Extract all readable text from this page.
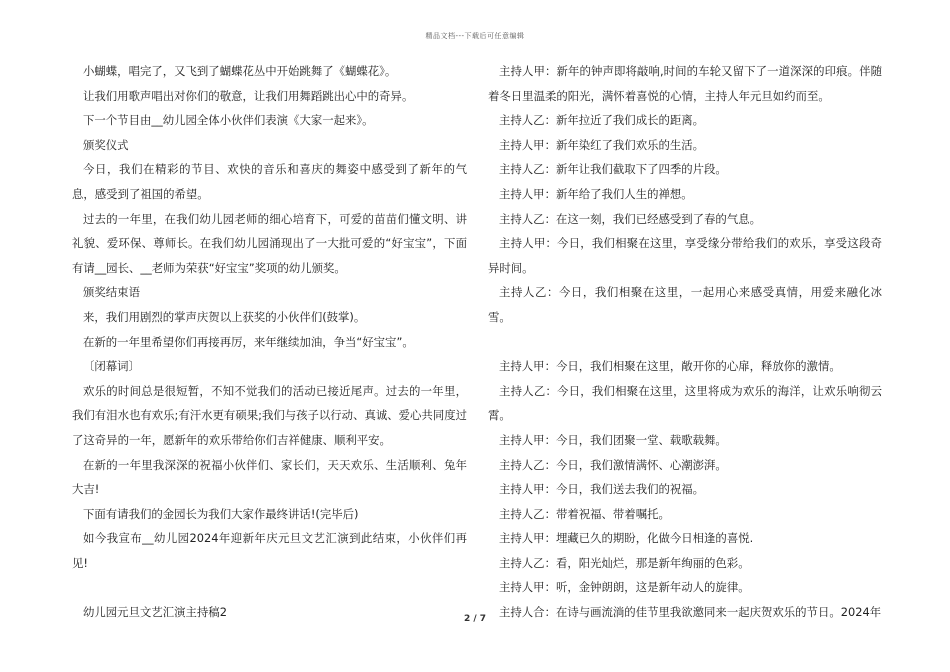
精品文档---下载后可任意编辑

小蝴蝶，唱完了，又飞到了蝴蝶花丛中开始跳舞了《蝴蝶花》。

让我们用歌声唱出对你们的敬意，让我们用舞蹈跳出心中的奇异。

下一个节目由__幼儿园全体小伙伴们表演《大家一起来》。

颁奖仪式

今日，我们在精彩的节目、欢快的音乐和喜庆的舞姿中感受到了新年的气息，感受到了祖国的希望。

过去的一年里，在我们幼儿园老师的细心培育下，可爱的苗苗们懂文明、讲礼貌、爱环保、尊师长。在我们幼儿园涌现出了一大批可爱的“好宝宝”，下面有请__园长、__老师为荣获“好宝宝”奖项的幼儿颁奖。

颁奖结束语

来，我们用剧烈的掌声庆贺以上获奖的小伙伴们(鼓掌)。

在新的一年里希望你们再接再厉，来年继续加油，争当“好宝宝”。

〔闭幕词〕

欢乐的时间总是很短暂，不知不觉我们的活动已接近尾声。过去的一年里，我们有泪水也有欢乐;有汗水更有硕果;我们与孩子以行动、真诚、爱心共同度过了这奇异的一年，愿新年的欢乐带给你们吉祥健康、顺利平安。

在新的一年里我深深的祝福小伙伴们、家长们，天天欢乐、生活顺利、兔年大吉!

下面有请我们的金园长为我们大家作最终讲话!(完毕后)

如今我宣布__幼儿园2024年迎新年庆元旦文艺汇演到此结束，小伙伴们再见!

幼儿园元旦文艺汇演主持稿2

主持人甲：新年的钟声即将敲响,时间的车轮又留下了一道深深的印痕。伴随着冬日里温柔的阳光，满怀着喜悦的心情，主持人年元旦如约而至。

主持人乙：新年拉近了我们成长的距离。

主持人甲：新年染红了我们欢乐的生活。

主持人乙：新年让我们截取下了四季的片段。

主持人甲：新年给了我们人生的禅想。

主持人乙：在这一刻，我们已经感受到了春的气息。

主持人甲：今日，我们相聚在这里，享受缘分带给我们的欢乐，享受这段奇异时间。

主持人乙：今日，我们相聚在这里，一起用心来感受真情，用爱来融化冰雪。

主持人甲：今日，我们相聚在这里，敞开你的心扉，释放你的激情。

主持人乙：今日，我们相聚在这里，这里将成为欢乐的海洋，让欢乐响彻云霄。

主持人甲：今日，我们团聚一堂、载歌载舞。

主持人乙：今日，我们激情满怀、心潮澎湃。

主持人甲：今日，我们送去我们的祝福。

主持人乙：带着祝福、带着嘱托。

主持人甲：埋藏已久的期盼，化做今日相逢的喜悦.

主持人乙：看，阳光灿烂，那是新年绚丽的色彩。

主持人甲：听，金钟朗朗，这是新年动人的旋律。

主持人合：在诗与画流淌的佳节里我欲邀同来一起庆贺欢乐的节日。2024年

2 / 7
